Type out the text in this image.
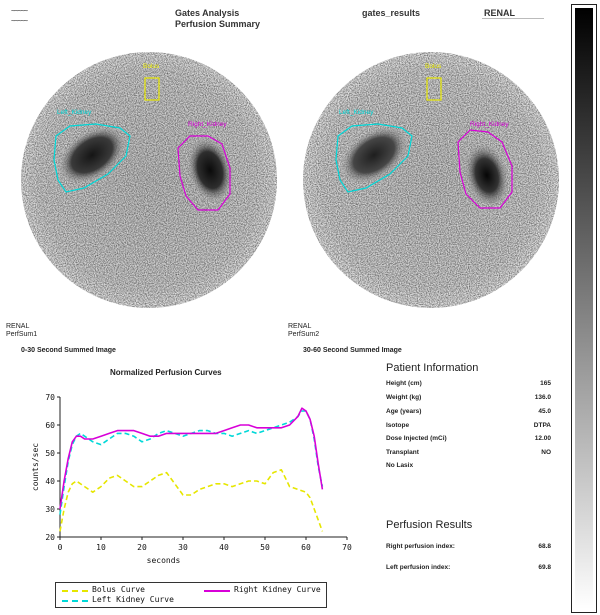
~~~~~
~~~~~
Gates Analysis
Perfusion Summary
gates_results	RENAL
Bolus
Left_Kidney
Right_Kidney
RENAL
PerfSum1
0-30 Second Summed Image
Bolus
Left_Kidney
Right_Kidney
RENAL
PerfSum2
30-60 Second Summed Image
Normalized Perfusion Curves
0	10	20	30	40	50	60	70
20
30
40
50
60
70
seconds
counts/sec
Bolus Curve
Left Kidney Curve
Right Kidney Curve
Patient Information
Height (cm)	165
Weight (kg)	136.0
Age (years)	45.0
Isotope	DTPA
Dose Injected (mCi)	12.00
Transplant	NO
No Lasix
Perfusion Results
Right perfusion index:	68.8
Left perfusion index:	69.8
